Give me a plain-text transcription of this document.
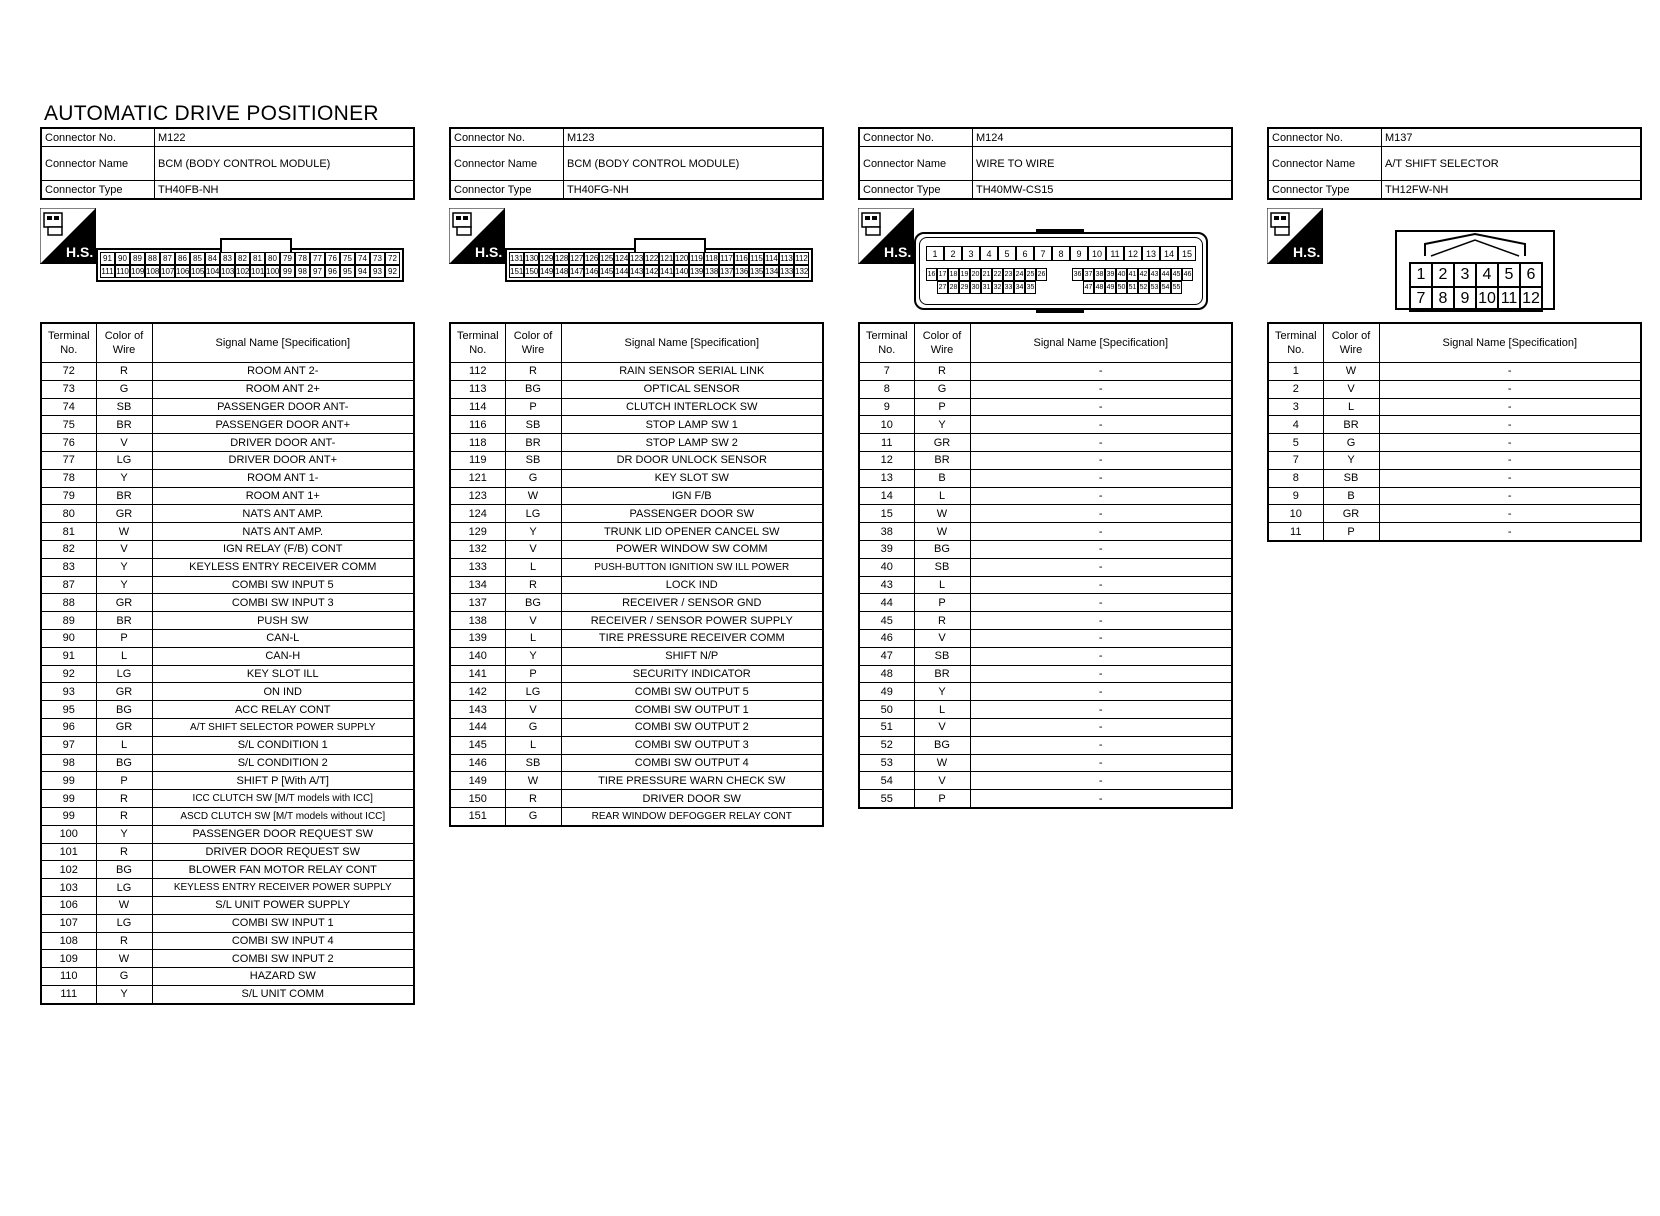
AUTOMATIC DRIVE POSITIONER
Connector No.	M122
Connector Name	BCM (BODY CONTROL MODULE)
Connector Type	TH40FB-NH
H.S.	91 90 89 88 87 86 85 84 83 82 81 80 79 78 77 76 75 74 73 72
111 110 109 108 107 106 105 104 103 102 101 100 99 98 97 96 95 94 93 92
Terminal No.	Color of Wire	Signal Name [Specification]
72	R	ROOM ANT 2-
73	G	ROOM ANT 2+
74	SB	PASSENGER DOOR ANT-
75	BR	PASSENGER DOOR ANT+
76	V	DRIVER DOOR ANT-
77	LG	DRIVER DOOR ANT+
78	Y	ROOM ANT 1-
79	BR	ROOM ANT 1+
80	GR	NATS ANT AMP.
81	W	NATS ANT AMP.
82	V	IGN RELAY (F/B) CONT
83	Y	KEYLESS ENTRY RECEIVER COMM
87	Y	COMBI SW INPUT 5
88	GR	COMBI SW INPUT 3
89	BR	PUSH SW
90	P	CAN-L
91	L	CAN-H
92	LG	KEY SLOT ILL
93	GR	ON IND
95	BG	ACC RELAY CONT
96	GR	A/T SHIFT SELECTOR POWER SUPPLY
97	L	S/L CONDITION 1
98	BG	S/L CONDITION 2
99	P	SHIFT P [With A/T]
99	R	ICC CLUTCH SW [M/T models with ICC]
99	R	ASCD CLUTCH SW [M/T models without ICC]
100	Y	PASSENGER DOOR REQUEST SW
101	R	DRIVER DOOR REQUEST SW
102	BG	BLOWER FAN MOTOR RELAY CONT
103	LG	KEYLESS ENTRY RECEIVER POWER SUPPLY
106	W	S/L UNIT POWER SUPPLY
107	LG	COMBI SW INPUT 1
108	R	COMBI SW INPUT 4
109	W	COMBI SW INPUT 2
110	G	HAZARD SW
111	Y	S/L UNIT COMM
Connector No.	M123
Connector Name	BCM (BODY CONTROL MODULE)
Connector Type	TH40FG-NH
H.S. 131 130 129 128 127 126 125 124 123 122 121 120 119 118 117 116 115 114 113 112
151 150 149 148 147 146 145 144 143 142 141 140 139 138 137 136 135 134 133 132
Terminal No.	Color of Wire	Signal Name [Specification]
112	R	RAIN SENSOR SERIAL LINK
113	BG	OPTICAL SENSOR
114	P	CLUTCH INTERLOCK SW
116	SB	STOP LAMP SW 1
118	BR	STOP LAMP SW 2
119	SB	DR DOOR UNLOCK SENSOR
121	G	KEY SLOT SW
123	W	IGN F/B
124	LG	PASSENGER DOOR SW
129	Y	TRUNK LID OPENER CANCEL SW
132	V	POWER WINDOW SW COMM
133	L	PUSH-BUTTON IGNITION SW ILL POWER
134	R	LOCK IND
137	BG	RECEIVER / SENSOR GND
138	V	RECEIVER / SENSOR POWER SUPPLY
139	L	TIRE PRESSURE RECEIVER COMM
140	Y	SHIFT N/P
141	P	SECURITY INDICATOR
142	LG	COMBI SW OUTPUT 5
143	V	COMBI SW OUTPUT 1
144	G	COMBI SW OUTPUT 2
145	L	COMBI SW OUTPUT 3
146	SB	COMBI SW OUTPUT 4
149	W	TIRE PRESSURE WARN CHECK SW
150	R	DRIVER DOOR SW
151	G	REAR WINDOW DEFOGGER RELAY CONT
Connector No.	M124
Connector Name	WIRE TO WIRE
Connector Type	TH40MW-CS15
H.S.	1	2	3	4	5	6	7	8	9	10 11 12 13 14 15
16 17 18 19 20 21 22 23 24 25 26	36 37 38 39 40 41 42 43 44 45 46
27 28 29 30 31 32 33 34 35	47 48 49 50 51 52 53 54 55
Terminal No.	Color of Wire	Signal Name [Specification]
7	R	-
8	G	-
9	P	-
10	Y	-
11	GR	-
12	BR	-
13	B	-
14	L	-
15	W	-
38	W	-
39	BG	-
40	SB	-
43	L	-
44	P	-
45	R	-
46	V	-
47	SB	-
48	BR	-
49	Y	-
50	L	-
51	V	-
52	BG	-
53	W	-
54	V	-
55	P	-
Connector No.	M137
Connector Name	A/T SHIFT SELECTOR
Connector Type	TH12FW-NH
H.S.
1 2 3 4 5 6
7 8 9 10 11 12
Terminal No.	Color of Wire	Signal Name [Specification]
1	W	-
2	V	-
3	L	-
4	BR	-
5	G	-
7	Y	-
8	SB	-
9	B	-
10	GR	-
11	P	-
